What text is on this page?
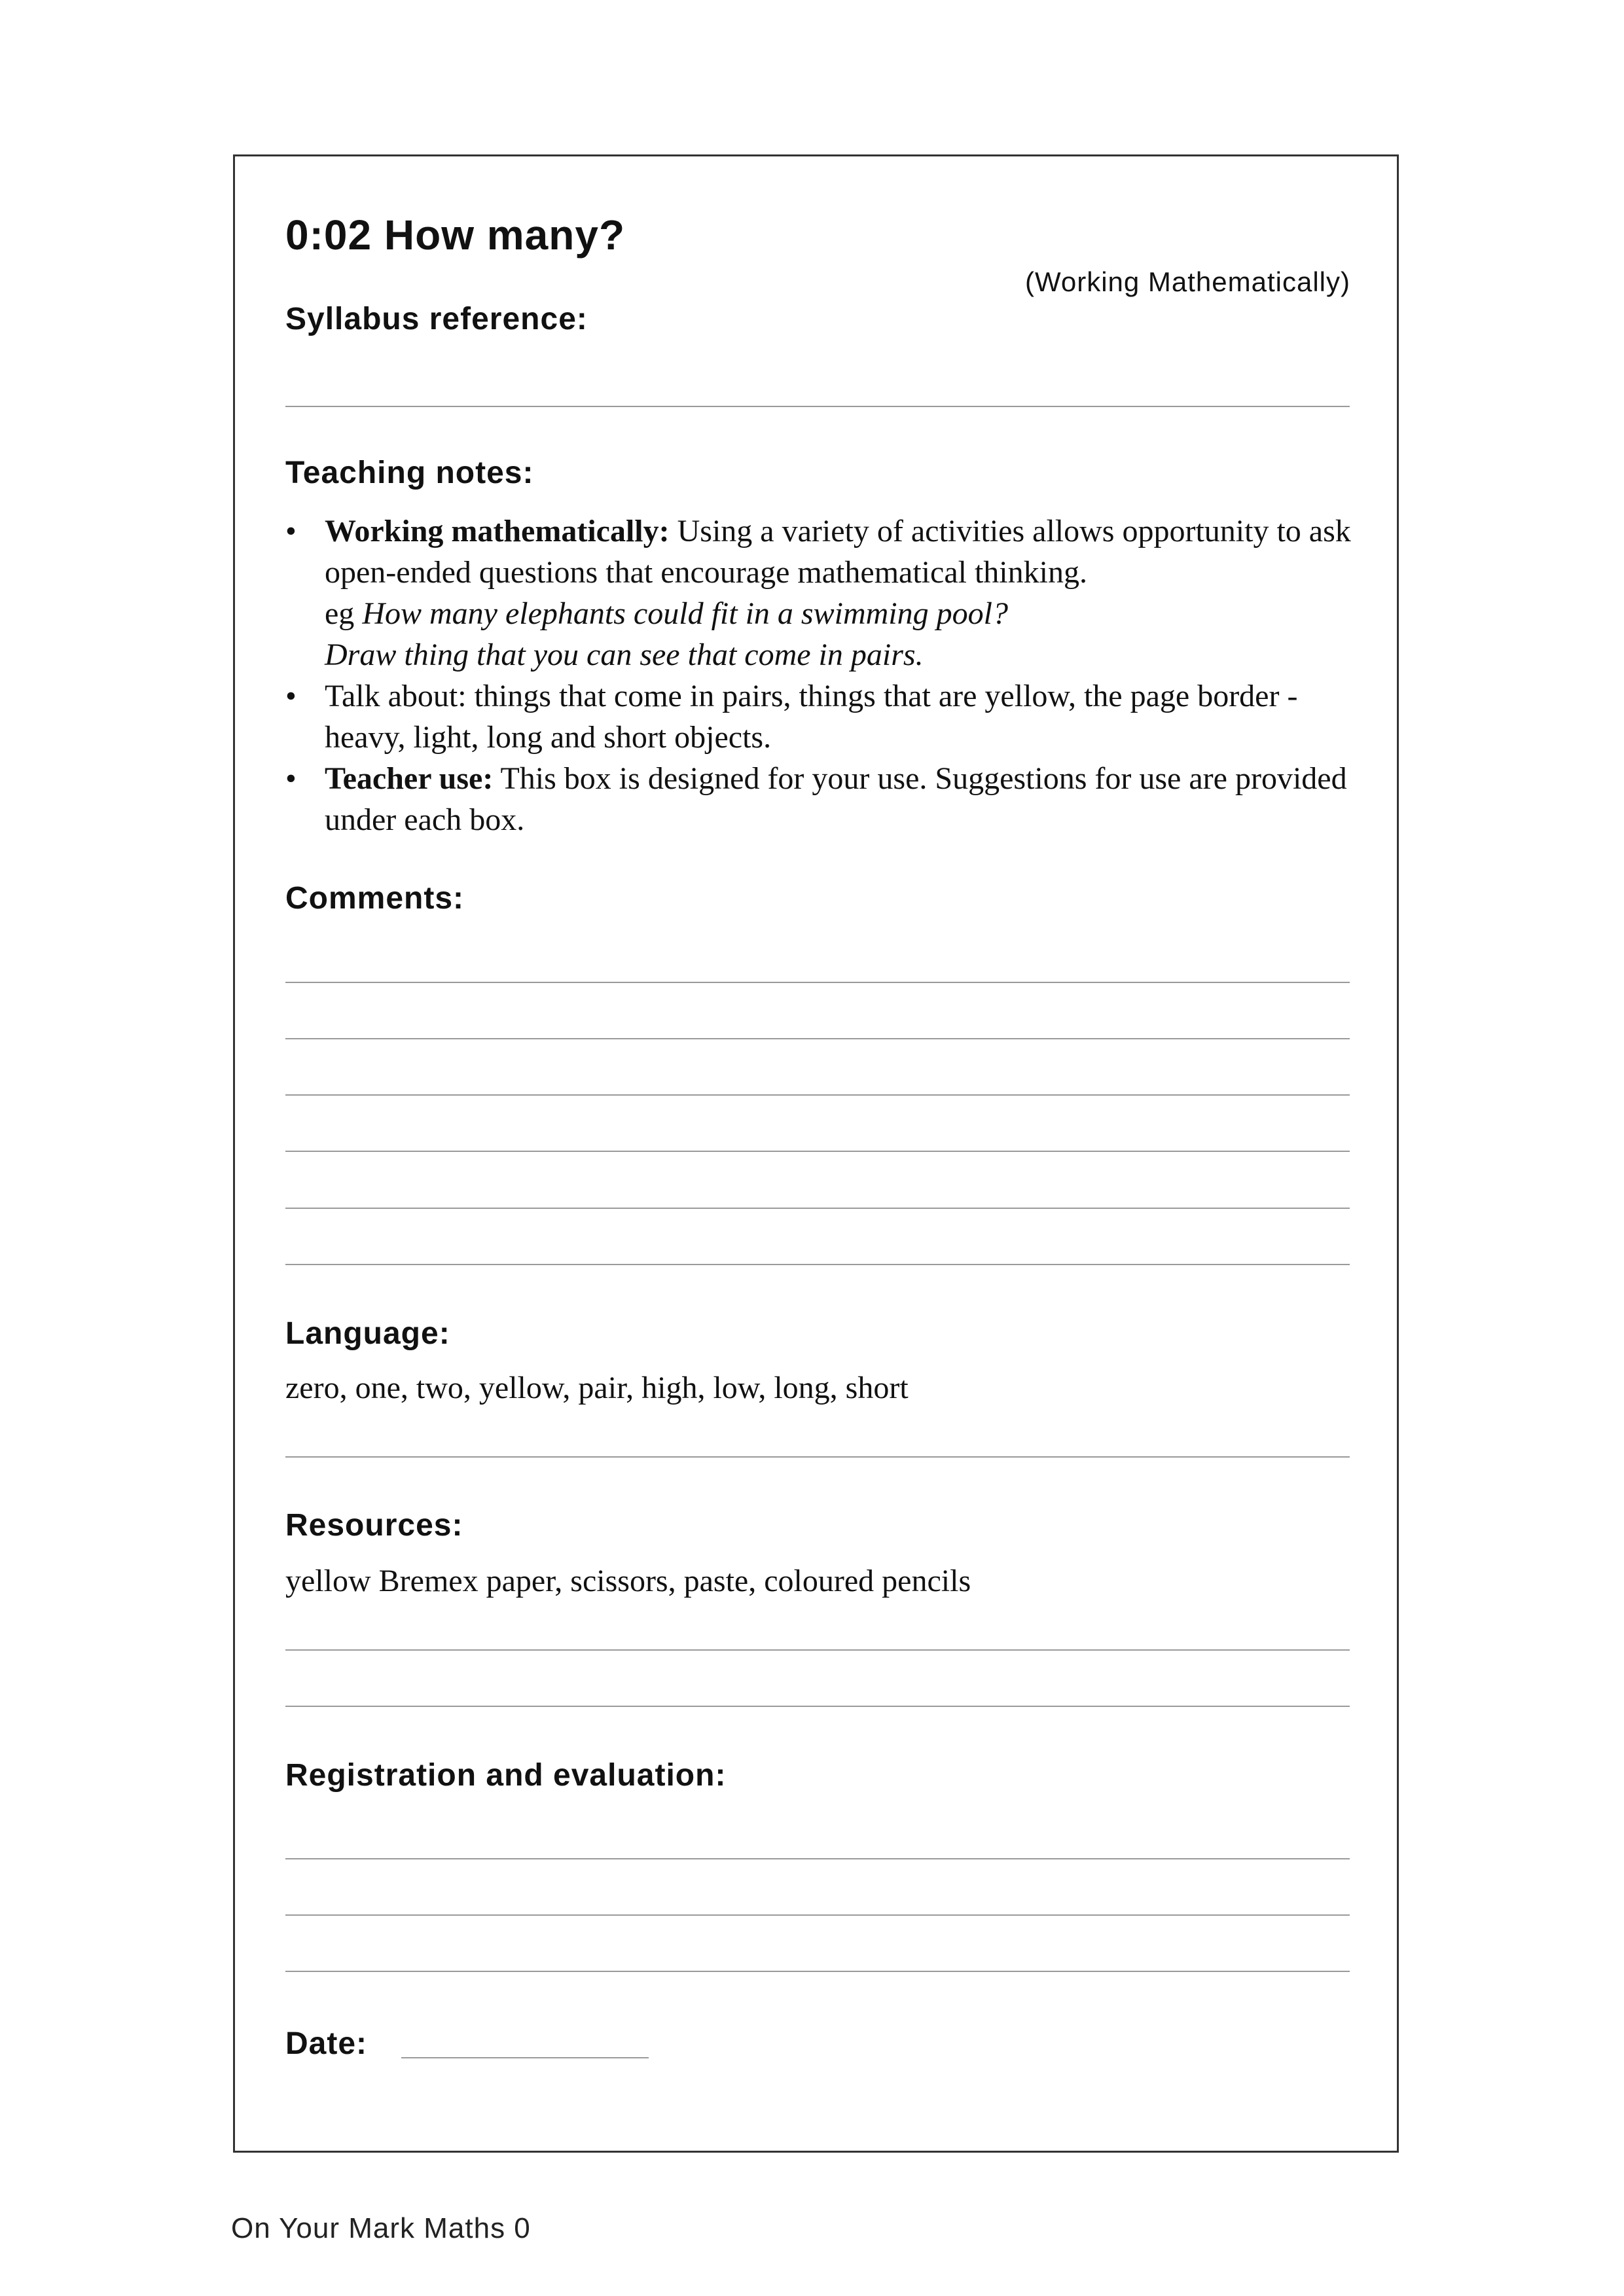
0:02 How many?
(Working Mathematically)
Syllabus reference:
Teaching notes:
• Working mathematically: Using a variety of activities allows opportunity to ask open-ended questions that encourage mathematical thinking.
eg How many elephants could fit in a swimming pool?
Draw thing that you can see that come in pairs.
• Talk about: things that come in pairs, things that are yellow, the page border - heavy, light, long and short objects.
• Teacher use: This box is designed for your use. Suggestions for use are provided under each box.
Comments:
Language:
zero, one, two, yellow, pair, high, low, long, short
Resources:
yellow Bremex paper, scissors, paste, coloured pencils
Registration and evaluation:
Date:
On Your Mark Maths 0
